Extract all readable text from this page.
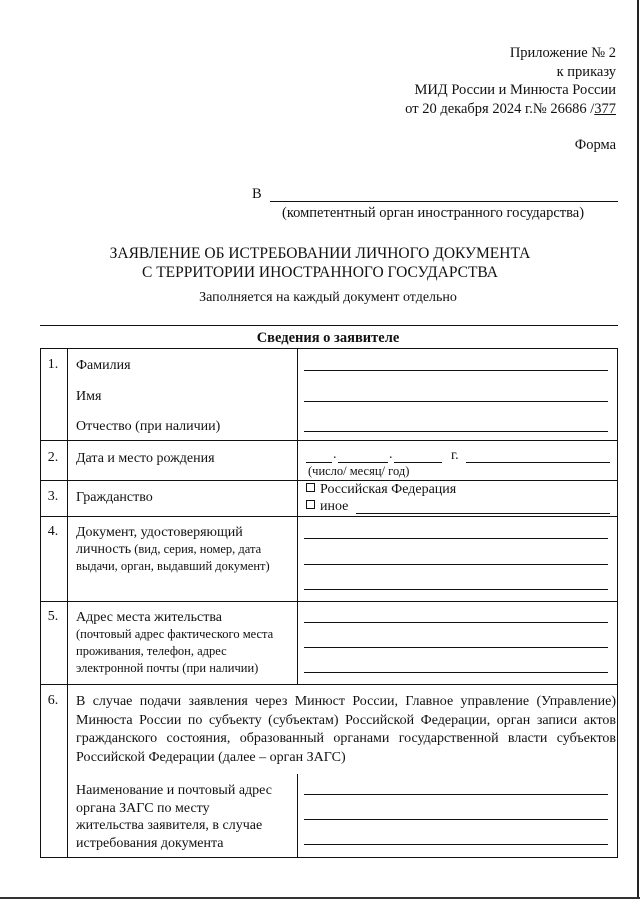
Приложение № 2
к приказу
МИД России и Минюста России
от 20 декабря 2024 г.№ 26686 /377
Форма
В
(компетентный орган иностранного государства)
ЗАЯВЛЕНИЕ ОБ ИСТРЕБОВАНИИ ЛИЧНОГО ДОКУМЕНТА
С ТЕРРИТОРИИ ИНОСТРАННОГО ГОСУДАРСТВА
Заполняется на каждый документ отдельно
Сведения о заявителе
1.	Фамилия
Имя
Отчество (при наличии)
2.	Дата и место рождения	.	.	г.
(число/ месяц/ год)
3.	Гражданство
Российская Федерация
иное
4.	Документ, удостоверяющий
личность (вид, серия, номер, дата
выдачи, орган, выдавший документ)
5.	Адрес места жительства
(почтовый адрес фактического места
проживания, телефон, адрес
электронной почты (при наличии)
6.	В случае подачи заявления через Минюст России, Главное управление (Управление) Минюста России по субъекту (субъектам) Российской Федерации, орган записи актов гражданского состояния, образованный органами государственной власти субъектов Российской Федерации (далее – орган ЗАГС)
Наименование и почтовый адрес
органа ЗАГС по месту
жительства заявителя, в случае
истребования документа
